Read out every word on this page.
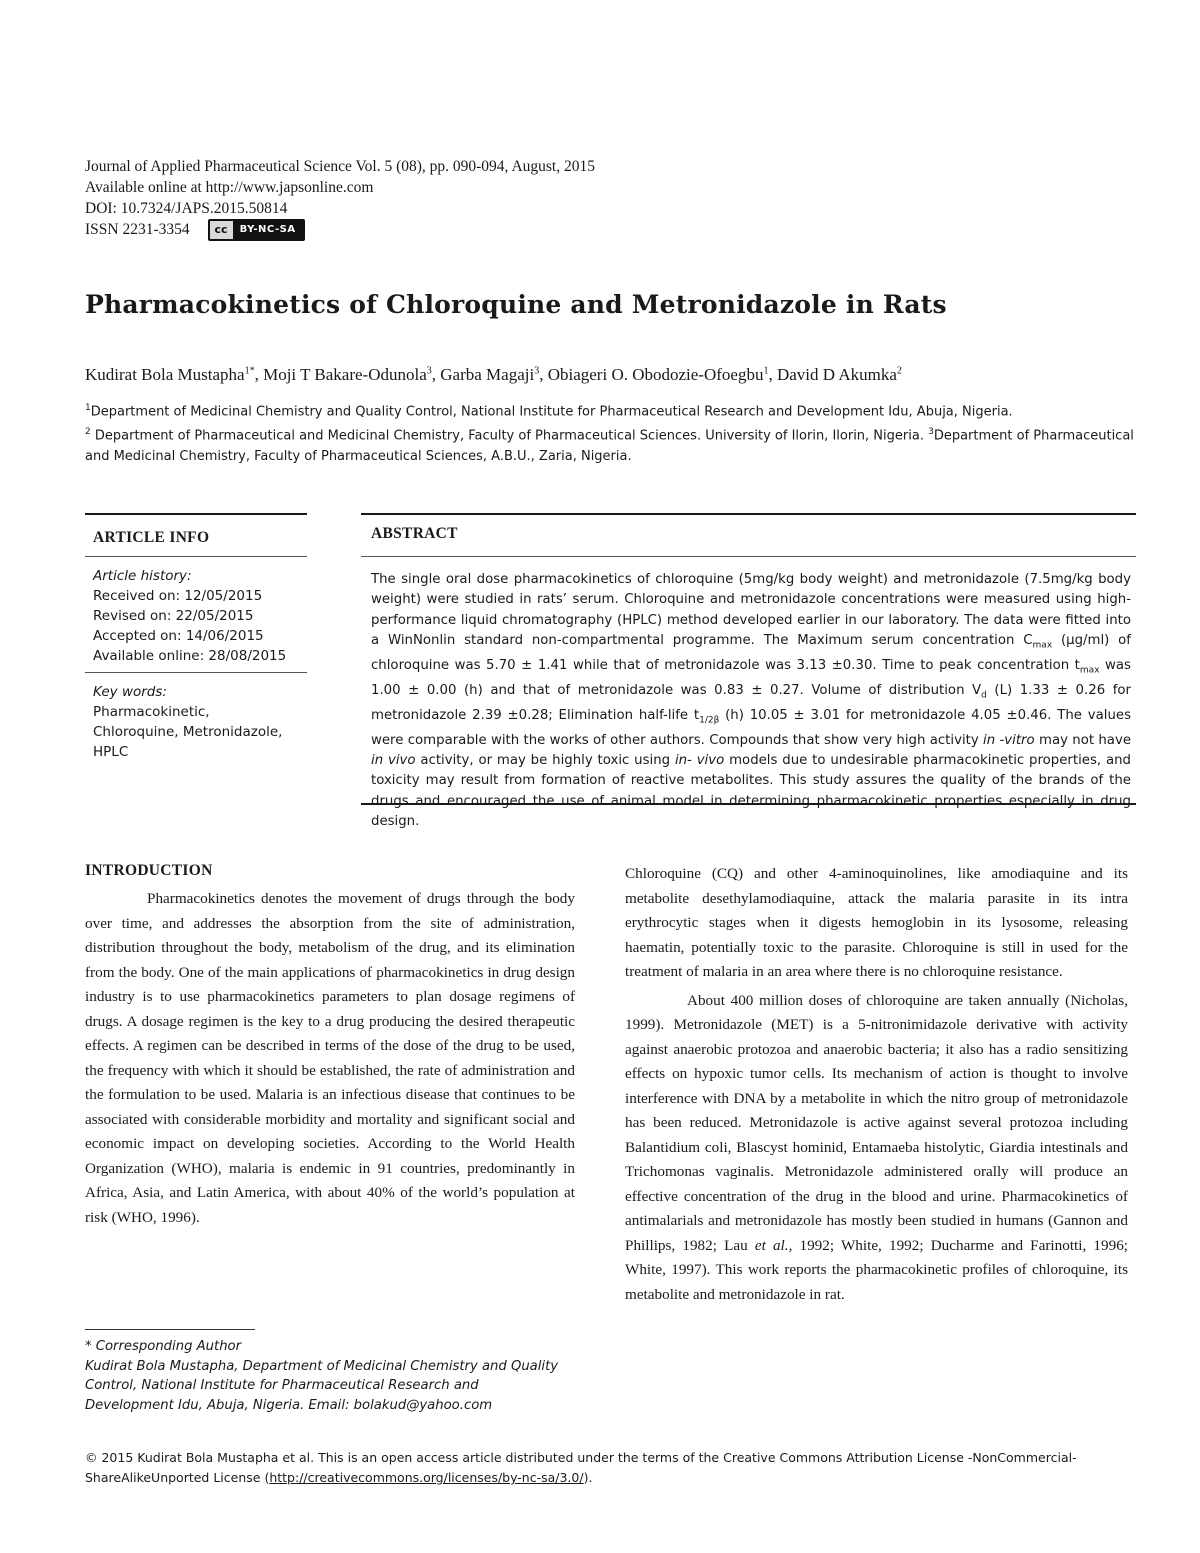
Journal of Applied Pharmaceutical Science Vol. 5 (08), pp. 090-094, August, 2015
Available online at http://www.japsonline.com
DOI: 10.7324/JAPS.2015.50814
ISSN 2231-3354	cc	BY-NC-SA
Pharmacokinetics of Chloroquine and Metronidazole in Rats
Kudirat Bola Mustapha$^{1*}$, Moji T Bakare-Odunola$^3$, Garba Magaji$^3$, Obiageri O. Obodozie-Ofoegbu$^1$, David D Akumka$^2$
$^1$Department of Medicinal Chemistry and Quality Control, National Institute for Pharmaceutical Research and Development Idu, Abuja, Nigeria.
$^2$ Department of Pharmaceutical and Medicinal Chemistry, Faculty of Pharmaceutical Sciences. University of Ilorin, Ilorin, Nigeria. $^3$Department of Pharmaceutical and Medicinal Chemistry, Faculty of Pharmaceutical Sciences, A.B.U., Zaria, Nigeria.
ARTICLE INFO	ABSTRACT
Article history:
Received on: 12/05/2015
Revised on: 22/05/2015
Accepted on: 14/06/2015
Available online: 28/08/2015
Key words:
Pharmacokinetic,
Chloroquine, Metronidazole,
HPLC
The single oral dose pharmacokinetics of chloroquine (5mg/kg body weight) and metronidazole (7.5mg/kg body weight) were studied in rats’ serum. Chloroquine and metronidazole concentrations were measured using high-performance liquid chromatography (HPLC) method developed earlier in our laboratory. The data were fitted into a WinNonlin standard non-compartmental programme. The Maximum serum concentration $C_{max}$ (µg/ml) of chloroquine was 5.70 ± 1.41 while that of metronidazole was 3.13 ±0.30. Time to peak concentration $t_{max}$ was 1.00 ± 0.00 (h) and that of metronidazole was 0.83 ± 0.27. Volume of distribution $V_d$ (L) 1.33 ± 0.26 for metronidazole 2.39 ±0.28; Elimination half-life $t_{1/2\beta}$ (h) 10.05 ± 3.01 for metronidazole 4.05 ±0.46. The values were comparable with the works of other authors. Compounds that show very high activity in -vitro may not have in vivo activity, or may be highly toxic using in- vivo models due to undesirable pharmacokinetic properties, and toxicity may result from formation of reactive metabolites. This study assures the quality of the brands of the drugs and encouraged the use of animal model in determining pharmacokinetic properties especially in drug design.
INTRODUCTION

Pharmacokinetics denotes the movement of drugs through the body over time, and addresses the absorption from the site of administration, distribution throughout the body, metabolism of the drug, and its elimination from the body. One of the main applications of pharmacokinetics in drug design industry is to use pharmacokinetics parameters to plan dosage regimens of drugs. A dosage regimen is the key to a drug producing the desired therapeutic effects. A regimen can be described in terms of the dose of the drug to be used, the frequency with which it should be established, the rate of administration and the formulation to be used. Malaria is an infectious disease that continues to be associated with considerable morbidity and mortality and significant social and economic impact on developing societies. According to the World Health Organization (WHO), malaria is endemic in 91 countries, predominantly in Africa, Asia, and Latin America, with about 40% of the world’s population at risk (WHO, 1996).

Chloroquine (CQ) and other 4-aminoquinolines, like amodiaquine and its metabolite desethylamodiaquine, attack the malaria parasite in its intra erythrocytic stages when it digests hemoglobin in its lysosome, releasing haematin, potentially toxic to the parasite. Chloroquine is still in used for the treatment of malaria in an area where there is no chloroquine resistance.

About 400 million doses of chloroquine are taken annually (Nicholas, 1999). Metronidazole (MET) is a 5-nitronimidazole derivative with activity against anaerobic protozoa and anaerobic bacteria; it also has a radio sensitizing effects on hypoxic tumor cells. Its mechanism of action is thought to involve interference with DNA by a metabolite in which the nitro group of metronidazole has been reduced. Metronidazole is active against several protozoa including Balantidium coli, Blascyst hominid, Entamaeba histolytic, Giardia intestinals and Trichomonas vaginalis. Metronidazole administered orally will produce an effective concentration of the drug in the blood and urine. Pharmacokinetics of antimalarials and metronidazole has mostly been studied in humans (Gannon and Phillips, 1982; Lau et al., 1992; White, 1992; Ducharme and Farinotti, 1996; White, 1997). This work reports the pharmacokinetic profiles of chloroquine, its metabolite and metronidazole in rat.

* Corresponding Author
Kudirat Bola Mustapha, Department of Medicinal Chemistry and Quality Control, National Institute for Pharmaceutical Research and Development Idu, Abuja, Nigeria. Email: bolakud@yahoo.com
© 2015 Kudirat Bola Mustapha et al. This is an open access article distributed under the terms of the Creative Commons Attribution License -NonCommercial-ShareAlikeUnported License (http://creativecommons.org/licenses/by-nc-sa/3.0/).
